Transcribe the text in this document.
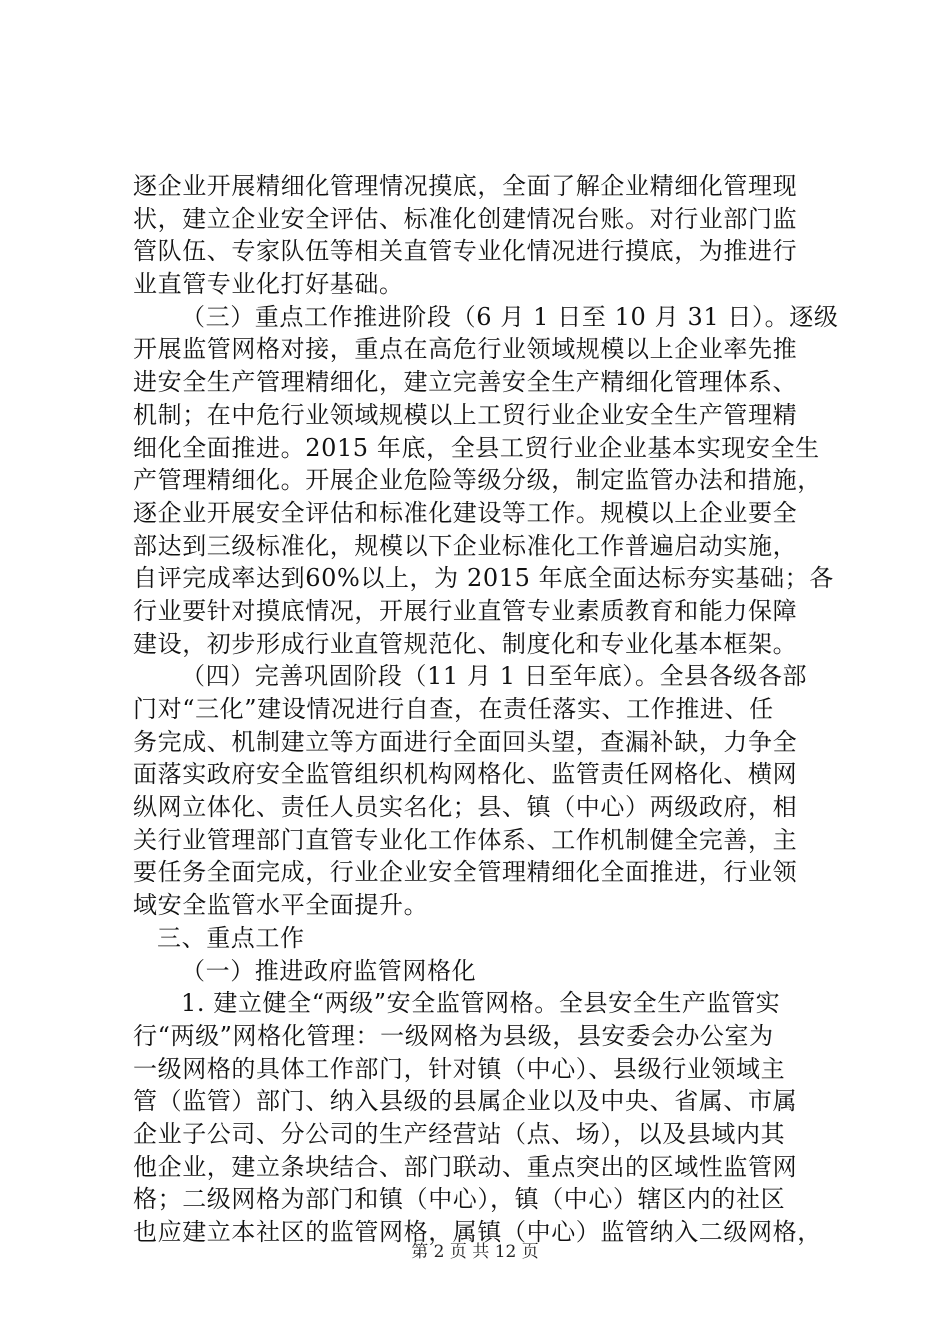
逐企业开展精细化管理情况摸底，全面了解企业精细化管理现
状，建立企业安全评估、标准化创建情况台账。对行业部门监
管队伍、专家队伍等相关直管专业化情况进行摸底，为推进行
业直管专业化打好基础。
（三）重点工作推进阶段（6 月 1 日至 10 月 31 日）。逐级
开展监管网格对接，重点在高危行业领域规模以上企业率先推
进安全生产管理精细化，建立完善安全生产精细化管理体系、
机制；在中危行业领域规模以上工贸行业企业安全生产管理精
细化全面推进。2015 年底，全县工贸行业企业基本实现安全生
产管理精细化。开展企业危险等级分级，制定监管办法和措施，
逐企业开展安全评估和标准化建设等工作。规模以上企业要全
部达到三级标准化，规模以下企业标准化工作普遍启动实施，
自评完成率达到60%以上，为 2015 年底全面达标夯实基础；各
行业要针对摸底情况，开展行业直管专业素质教育和能力保障
建设，初步形成行业直管规范化、制度化和专业化基本框架。
（四）完善巩固阶段（11 月 1 日至年底）。全县各级各部
门对“三化”建设情况进行自查，在责任落实、工作推进、任
务完成、机制建立等方面进行全面回头望，查漏补缺，力争全
面落实政府安全监管组织机构网格化、监管责任网格化、横网
纵网立体化、责任人员实名化；县、镇（中心）两级政府，相
关行业管理部门直管专业化工作体系、工作机制健全完善，主
要任务全面完成，行业企业安全管理精细化全面推进，行业领
域安全监管水平全面提升。
三、重点工作
（一）推进政府监管网格化
1. 建立健全“两级”安全监管网格。全县安全生产监管实
行“两级”网格化管理：一级网格为县级，县安委会办公室为
一级网格的具体工作部门，针对镇（中心）、县级行业领域主
管（监管）部门、纳入县级的县属企业以及中央、省属、市属
企业子公司、分公司的生产经营站（点、场），以及县域内其
他企业，建立条块结合、部门联动、重点突出的区域性监管网
格；二级网格为部门和镇（中心），镇（中心）辖区内的社区
也应建立本社区的监管网格，属镇（中心）监管纳入二级网格，
第 2 页 共 12 页
